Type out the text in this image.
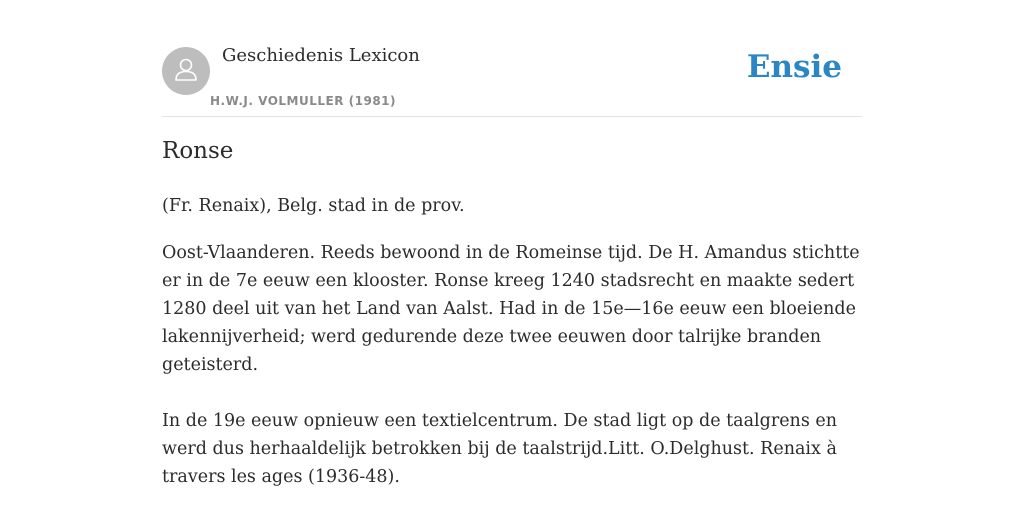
Geschiedenis Lexicon
H.W.J. VOLMULLER (1981)
Ensie
Ronse

(Fr. Renaix), Belg. stad in de prov.

Oost-Vlaanderen. Reeds bewoond in de Romeinse tijd. De H. Amandus stichtte er in de 7e eeuw een klooster. Ronse kreeg 1240 stadsrecht en maakte sedert 1280 deel uit van het Land van Aalst. Had in de 15e—16e eeuw een bloeiende lakennijverheid; werd gedurende deze twee eeuwen door talrijke branden geteisterd.

In de 19e eeuw opnieuw een textielcentrum. De stad ligt op de taalgrens en werd dus herhaaldelijk betrokken bij de taalstrijd.Litt. O.Delghust. Renaix à travers les ages (1936-48).
